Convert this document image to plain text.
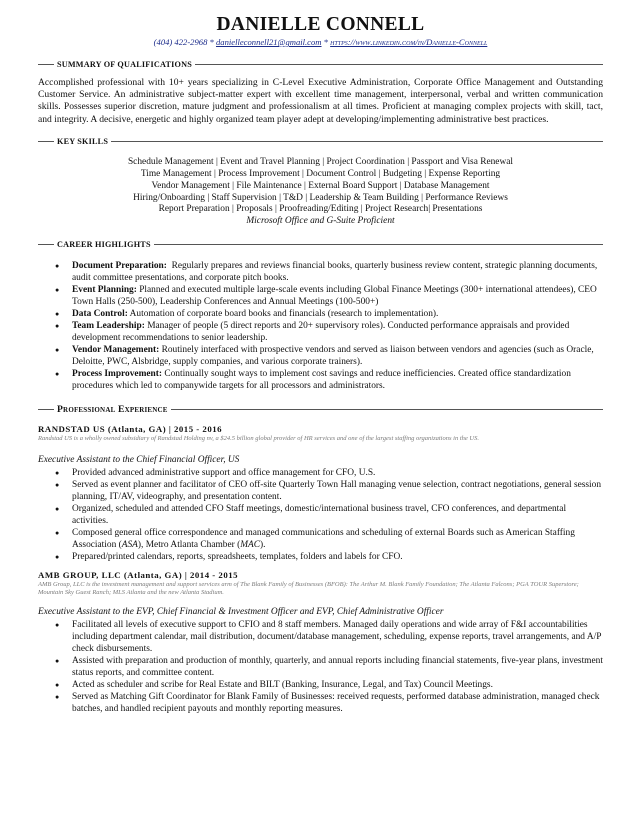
DANIELLE CONNELL
(404) 422-2968 * danielleconnell21@gmail.com * https://www.linkedin.com/in/Danielle-Connell
SUMMARY OF QUALIFICATIONS
Accomplished professional with 10+ years specializing in C-Level Executive Administration, Corporate Office Management and Outstanding Customer Service. An administrative subject-matter expert with excellent time management, interpersonal, verbal and written communication skills. Possesses superior discretion, mature judgment and professionalism at all times. Proficient at managing complex projects with skill, tact, and integrity. A decisive, energetic and highly organized team player adept at developing/implementing administrative best practices.
KEY SKILLS
Schedule Management | Event and Travel Planning | Project Coordination | Passport and Visa Renewal
Time Management | Process Improvement | Document Control | Budgeting | Expense Reporting
Vendor Management | File Maintenance | External Board Support | Database Management
Hiring/Onboarding | Staff Supervision | T&D | Leadership & Team Building | Performance Reviews
Report Preparation | Proposals | Proofreading/Editing | Project Research| Presentations
Microsoft Office and G-Suite Proficient
CAREER HIGHLIGHTS
● Document Preparation: Regularly prepares and reviews financial books, quarterly business review content, strategic planning documents, audit committee presentations, and corporate pitch books.
● Event Planning: Planned and executed multiple large-scale events including Global Finance Meetings (300+ international attendees), CEO Town Halls (250-500), Leadership Conferences and Annual Meetings (100-500+)
● Data Control: Automation of corporate board books and financials (research to implementation).
● Team Leadership: Manager of people (5 direct reports and 20+ supervisory roles). Conducted performance appraisals and provided development recommendations to senior leadership.
● Vendor Management: Routinely interfaced with prospective vendors and served as liaison between vendors and agencies (such as Oracle, Deloitte, PWC, Alsbridge, supply companies, and various corporate trainers).
● Process Improvement: Continually sought ways to implement cost savings and reduce inefficiencies. Created office standardization procedures which led to companywide targets for all processors and administrators.
Professional Experience
RANDSTAD US (Atlanta, GA) | 2015 - 2016
Randstad US is a wholly owned subsidiary of Randstad Holding nv, a $24.5 billion global provider of HR services and one of the largest staffing organizations in the US.
Executive Assistant to the Chief Financial Officer, US
● Provided advanced administrative support and office management for CFO, U.S.
● Served as event planner and facilitator of CEO off-site Quarterly Town Hall managing venue selection, contract negotiations, general session planning, IT/AV, videography, and presentation content.
● Organized, scheduled and attended CFO Staff meetings, domestic/international business travel, CFO conferences, and departmental activities.
● Composed general office correspondence and managed communications and scheduling of external Boards such as American Staffing Association (ASA), Metro Atlanta Chamber (MAC).
● Prepared/printed calendars, reports, spreadsheets, templates, folders and labels for CFO.
AMB GROUP, LLC (Atlanta, GA) | 2014 - 2015
AMB Group, LLC is the investment management and support services arm of The Blank Family of Businesses (BFOB): The Arthur M. Blank Family Foundation; The Atlanta Falcons; PGA TOUR Superstore; Mountain Sky Guest Ranch; MLS Atlanta and the new Atlanta Stadium.
Executive Assistant to the EVP, Chief Financial & Investment Officer and EVP, Chief Administrative Officer
● Facilitated all levels of executive support to CFIO and 8 staff members. Managed daily operations and wide array of F&I accountabilities including department calendar, mail distribution, document/database management, scheduling, expense reports, travel arrangements, and A/P check disbursements.
● Assisted with preparation and production of monthly, quarterly, and annual reports including financial statements, five-year plans, investment status reports, and committee content.
● Acted as scheduler and scribe for Real Estate and BILT (Banking, Insurance, Legal, and Tax) Council Meetings.
● Served as Matching Gift Coordinator for Blank Family of Businesses: received requests, performed database administration, managed check batches, and handled recipient payouts and monthly reporting measures.
